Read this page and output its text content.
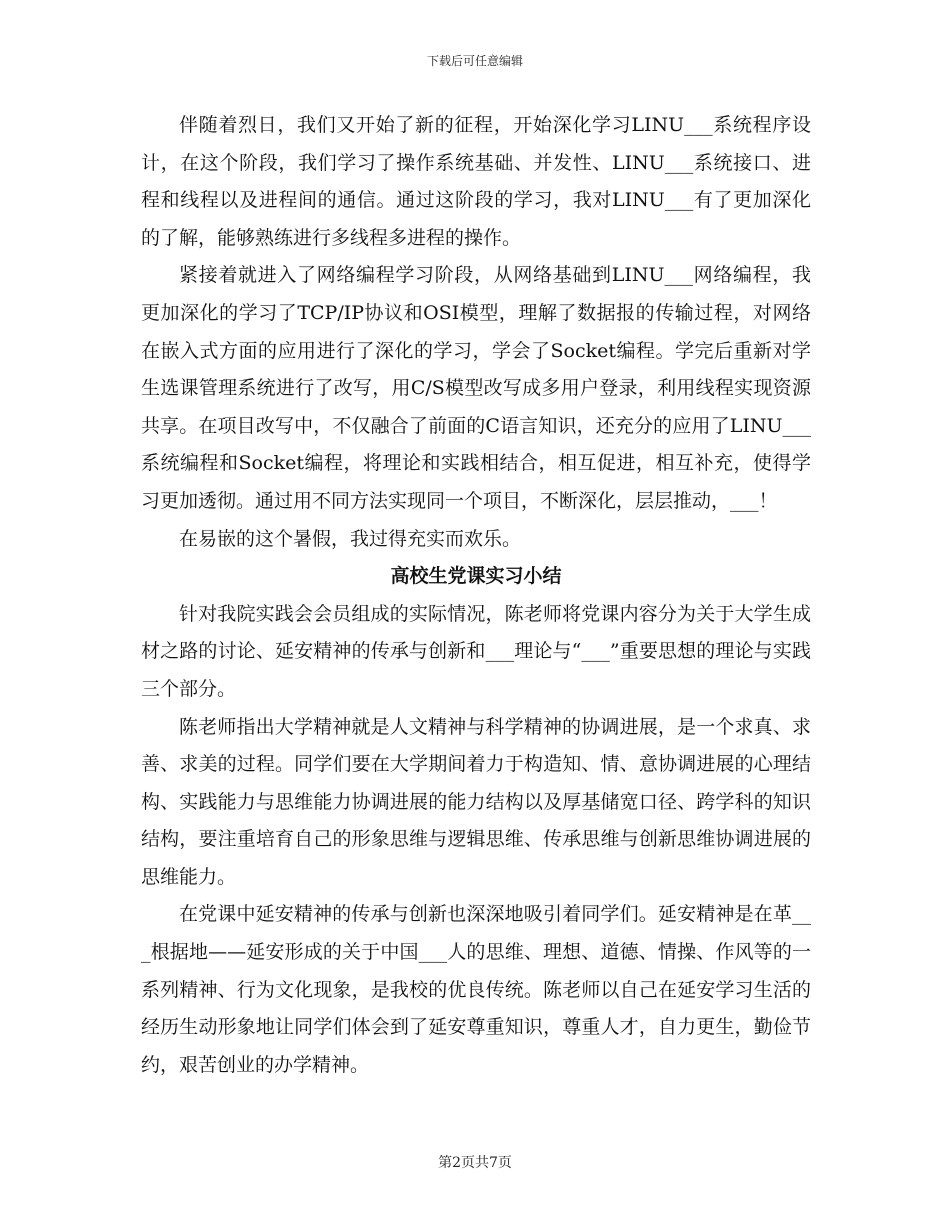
下载后可任意编辑

伴随着烈日，我们又开始了新的征程，开始深化学习LINU___系统程序设计，在这个阶段，我们学习了操作系统基础、并发性、LINU___系统接口、进程和线程以及进程间的通信。通过这阶段的学习，我对LINU___有了更加深化的了解，能够熟练进行多线程多进程的操作。

紧接着就进入了网络编程学习阶段，从网络基础到LINU___网络编程，我更加深化的学习了TCP/IP协议和OSI模型，理解了数据报的传输过程，对网络在嵌入式方面的应用进行了深化的学习，学会了Socket编程。学完后重新对学生选课管理系统进行了改写，用C/S模型改写成多用户登录，利用线程实现资源共享。在项目改写中，不仅融合了前面的C语言知识，还充分的应用了LINU___系统编程和Socket编程，将理论和实践相结合，相互促进，相互补充，使得学习更加透彻。通过用不同方法实现同一个项目，不断深化，层层推动，___！

在易嵌的这个暑假，我过得充实而欢乐。

高校生党课实习小结

针对我院实践会会员组成的实际情况，陈老师将党课内容分为关于大学生成材之路的讨论、延安精神的传承与创新和___理论与“___”重要思想的理论与实践三个部分。

陈老师指出大学精神就是人文精神与科学精神的协调进展，是一个求真、求善、求美的过程。同学们要在大学期间着力于构造知、情、意协调进展的心理结构、实践能力与思维能力协调进展的能力结构以及厚基储宽口径、跨学科的知识结构，要注重培育自己的形象思维与逻辑思维、传承思维与创新思维协调进展的思维能力。

在党课中延安精神的传承与创新也深深地吸引着同学们。延安精神是在革___根据地——延安形成的关于中国___人的思维、理想、道德、情操、作风等的一系列精神、行为文化现象，是我校的优良传统。陈老师以自己在延安学习生活的经历生动形象地让同学们体会到了延安尊重知识，尊重人才，自力更生，勤俭节约，艰苦创业的办学精神。

第2页共7页
